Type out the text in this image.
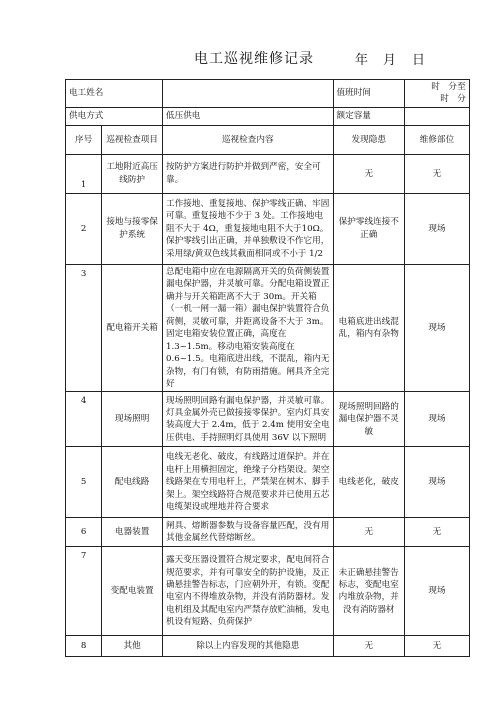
电工巡视维修记录	年 月 日
电工姓名			值班时间	时 分至时 分
供电方式		低压供电	额定容量	
序号	巡视检查项目	巡视检查内容	发现隐患	维修部位
1	工地附近高压线防护	按防护方案进行防护并做到严密，安全可靠。	无	无
2	接地与接零保护系统	工作接地、重复接地、保护零线正确、牢固可靠。重复接地不少于 3 处。工作接地电阻不大于 4Ω，重复接地电阻不大于10Ω。保护零线引出正确，并单独敷设不作它用，采用绿/黄双色线其截面相同或不小于 1/2	保护零线连接不正确	现场
3	配电箱开关箱	总配电箱中应在电源隔离开关的负荷侧装置漏电保护器，并灵敏可靠。分配电箱设置正确并与开关箱距离不大于 30m。开关箱（一机一闸一漏一箱）漏电保护装置符合负荷侧，灵敏可靠，并距离设备不大于 3m。固定电箱安装位置正确，高度在 1.3~1.5m。移动电箱安装高度在 0.6~1.5。电箱底进出线，不混乱，箱内无杂物，有门有锁，有防雨措施。闸具齐全完好	电箱底进出线混乱，箱内有杂物	现场
4	现场照明	现场照明回路有漏电保护器，并灵敏可靠。灯具金属外壳已做接接零保护。室内灯具安装高度大于 2.4m，低于 2.4m 使用安全电压供电、手持照明灯具使用 36V 以下照明	现场照明回路的漏电保护器不灵敏	现场
5	配电线路	电线无老化、破皮，有线路过道保护。并在电杆上用横担固定，绝缘子分档架设。架空线路架在专用电杆上，严禁架在树木、脚手架上。架空线路符合规范要求并已使用五芯电缆架设或埋地并符合要求	电线老化，破皮	现场
6	电器装置	闸具、熔断器参数与设备容量匹配，没有用其他金属丝代替熔断丝。	无	无
7	变配电装置	露天变压器设置符合规定要求，配电间符合规范要求，并有可靠安全的防护设施，及正确悬挂警告标志，门应朝外开，有锁。变配电室内不得堆放杂物，并没有消防器材。发电机组及其配电室内严禁存放贮油桶，发电机设有短路、负荷保护	未正确悬挂警告标志，变配电室内堆放杂物，并没有消防器材	现场
8	其他	除以上内容发现的其他隐患	无	无
